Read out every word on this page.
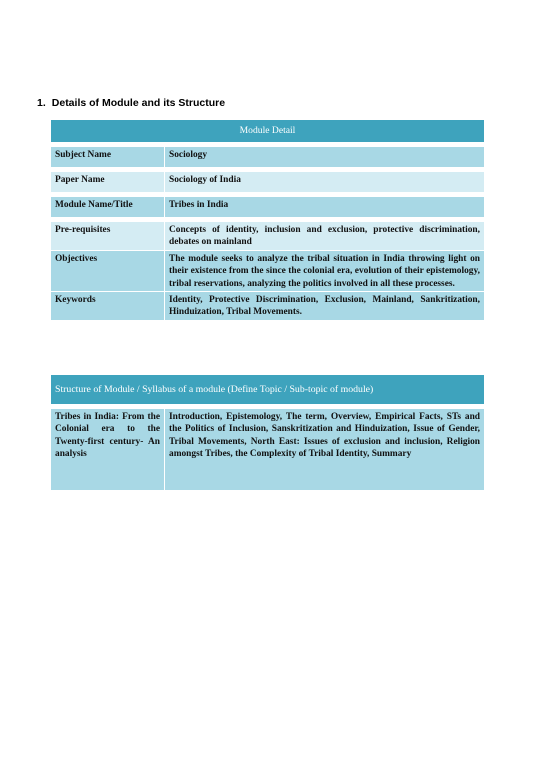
1. Details of Module and its Structure
Module Detail	

Subject Name	Sociology

Paper Name	Sociology of India

Module Name/Title	Tribes in India

Pre-requisites	Concepts of identity, inclusion and exclusion, protective discrimination, debates on mainland
Objectives	The module seeks to analyze the tribal situation in India throwing light on their existence from the since the colonial era, evolution of their epistemology, tribal reservations, analyzing the politics involved in all these processes.
Keywords	Identity, Protective Discrimination, Exclusion, Mainland, Sankritization, Hinduization, Tribal Movements.
Structure of Module / Syllabus of a module (Define Topic / Sub-topic of module)

Tribes in India: From the Colonial era to the Twenty-first century- An analysis	Introduction, Epistemology, The term, Overview, Empirical Facts, STs and the Politics of Inclusion, Sanskritization and Hinduization, Issue of Gender, Tribal Movements, North East: Issues of exclusion and inclusion, Religion amongst Tribes, the Complexity of Tribal Identity, Summary
